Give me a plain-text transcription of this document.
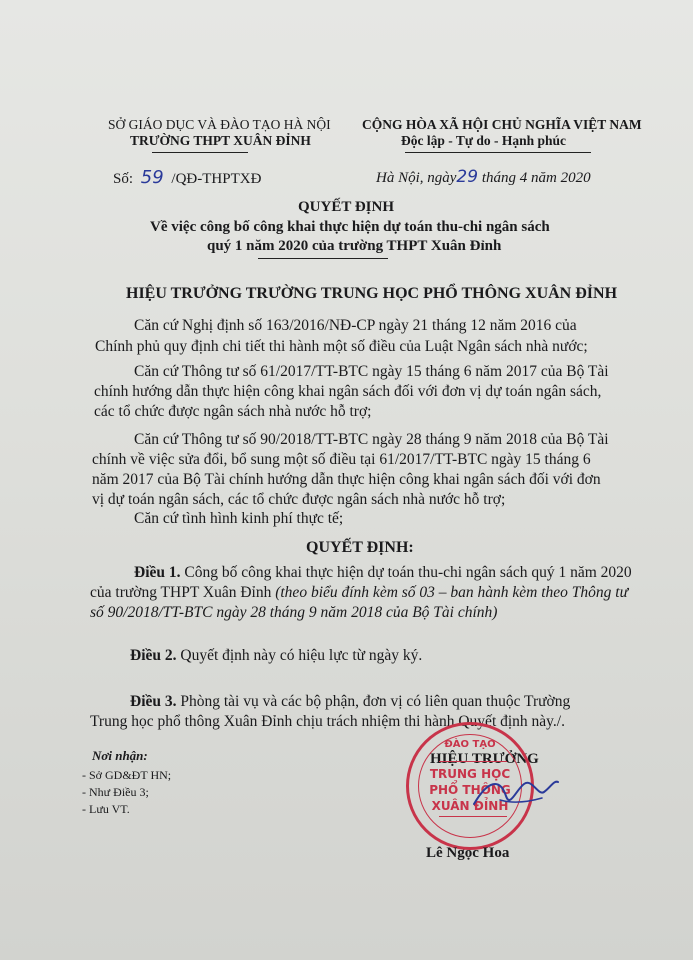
SỞ GIÁO DỤC VÀ ĐÀO TẠO HÀ NỘI
TRƯỜNG THPT XUÂN ĐỈNH
CỘNG HÒA XÃ HỘI CHỦ NGHĨA VIỆT NAM
Độc lập - Tự do - Hạnh phúc
Số: 59 /QĐ-THPTXĐ	Hà Nội, ngày29 tháng 4 năm 2020
QUYẾT ĐỊNH
Về việc công bố công khai thực hiện dự toán thu-chi ngân sách
quý 1 năm 2020 của trường THPT Xuân Đỉnh
HIỆU TRƯỞNG TRƯỜNG TRUNG HỌC PHỔ THÔNG XUÂN ĐỈNH
Căn cứ Nghị định số 163/2016/NĐ-CP ngày 21 tháng 12 năm 2016 của
Chính phủ quy định chi tiết thi hành một số điều của Luật Ngân sách nhà nước;
Căn cứ Thông tư số 61/2017/TT-BTC ngày 15 tháng 6 năm 2017 của Bộ Tài
chính hướng dẫn thực hiện công khai ngân sách đối với đơn vị dự toán ngân sách,
các tổ chức được ngân sách nhà nước hỗ trợ;
Căn cứ Thông tư số 90/2018/TT-BTC ngày 28 tháng 9 năm 2018 của Bộ Tài
chính về việc sửa đổi, bổ sung một số điều tại 61/2017/TT-BTC ngày 15 tháng 6
năm 2017 của Bộ Tài chính hướng dẫn thực hiện công khai ngân sách đối với đơn
vị dự toán ngân sách, các tổ chức được ngân sách nhà nước hỗ trợ;
Căn cứ tình hình kinh phí thực tế;
QUYẾT ĐỊNH:
Điều 1. Công bố công khai thực hiện dự toán thu-chi ngân sách quý 1 năm 2020
của trường THPT Xuân Đỉnh (theo biểu đính kèm số 03 – ban hành kèm theo Thông tư
số 90/2018/TT-BTC ngày 28 tháng 9 năm 2018 của Bộ Tài chính)
Điều 2. Quyết định này có hiệu lực từ ngày ký.
Điều 3. Phòng tài vụ và các bộ phận, đơn vị có liên quan thuộc Trường
Trung học phổ thông Xuân Đỉnh chịu trách nhiệm thi hành Quyết định này./.
Nơi nhận:
- Sở GD&ĐT HN;
- Như Điều 3;
- Lưu VT.
HIỆU TRƯỞNG
ĐÀO TẠO
TRUNG HỌC
PHỔ THÔNG
XUÂN ĐỈNH
Lê Ngọc Hoa
